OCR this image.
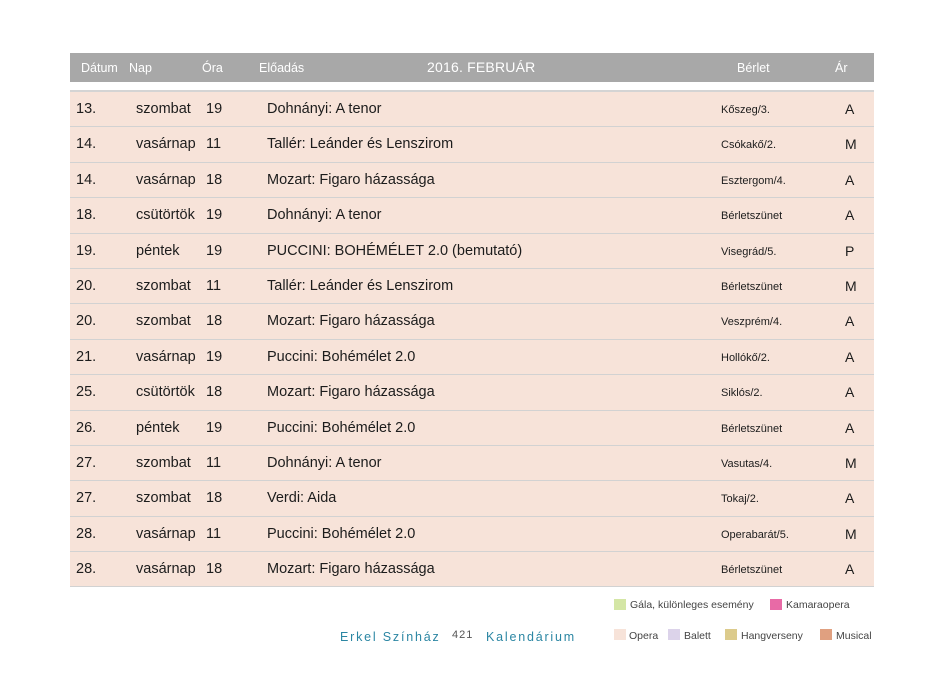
Dátum Nap	Óra	Előadás	2016. FEBRUÁR	Bérlet	Ár
13.	szombat 19	Dohnányi: A tenor	Kőszeg/3.	A
14.	vasárnap 11	Tallér: Leánder és Lenszirom	Csókakő/2.	M
14.	vasárnap 18	Mozart: Figaro házassága	Esztergom/4.	A
18.	csütörtök 19	Dohnányi: A tenor	Bérletszünet	A
19.	péntek 19	PUCCINI: BOHÉMÉLET 2.0 (bemutató)	Visegrád/5.	P
20.	szombat 11	Tallér: Leánder és Lenszirom	Bérletszünet	M
20.	szombat 18	Mozart: Figaro házassága	Veszprém/4.	A
21.	vasárnap 19	Puccini: Bohémélet 2.0	Hollókő/2.	A
25.	csütörtök 18	Mozart: Figaro házassága	Siklós/2.	A
26.	péntek 19	Puccini: Bohémélet 2.0	Bérletszünet	A
27.	szombat 11	Dohnányi: A tenor	Vasutas/4.	M
27.	szombat 18	Verdi: Aida	Tokaj/2.	A
28.	vasárnap 11	Puccini: Bohémélet 2.0	Operabarát/5.	M
28.	vasárnap 18	Mozart: Figaro házassága	Bérletszünet	A
Gála, különleges esemény	Kamaraopera
Opera Balett	Hangverseny	Musical
Erkel Színház 421 Kalendárium
